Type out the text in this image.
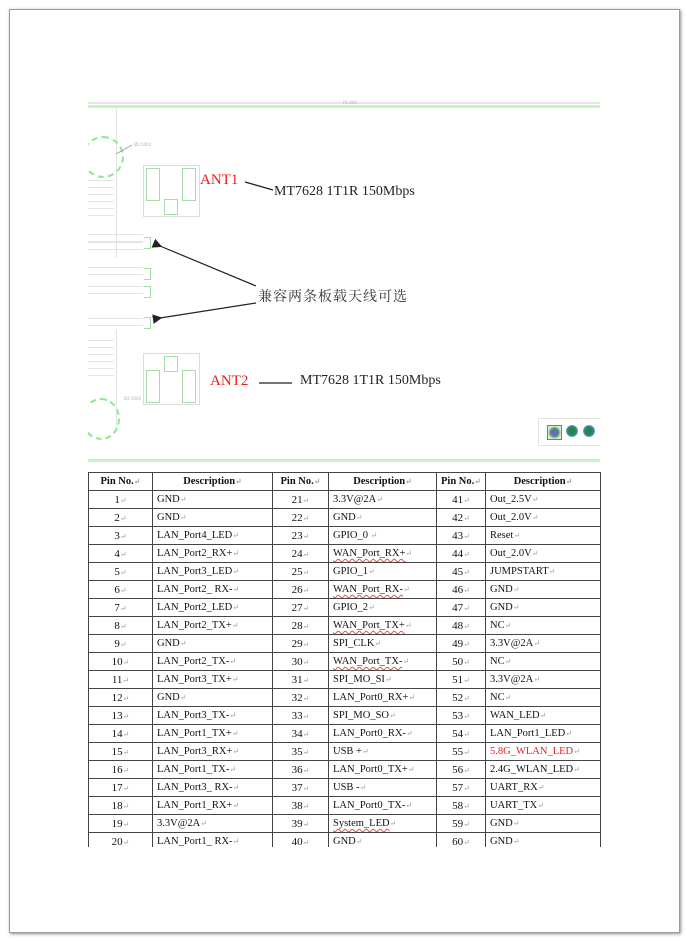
P1.000
Ø2.5000
ANT1
MT7628 1T1R 150Mbps
ANT2	MT7628 1T1R 150Mbps
Ø2.5000
兼容两条板载天线可选
Pin No.↵	Description↵	Pin No.↵	Description↵	Pin No.↵	Description↵
1↵	GND↵	21↵	3.3V@2A↵	41↵	Out_2.5V↵
2↵	GND↵	22↵	GND↵	42↵	Out_2.0V↵
3↵	LAN_Port4_LED↵	23↵	GPIO_0 ↵	43↵	Reset↵
4↵	LAN_Port2_RX+↵	24↵	WAN_Port_RX+↵	44↵	Out_2.0V↵
5↵	LAN_Port3_LED↵	25↵	GPIO_1↵	45↵	JUMPSTART↵
6↵	LAN_Port2_ RX-↵	26↵	WAN_Port_RX-↵	46↵	GND↵
7↵	LAN_Port2_LED↵	27↵	GPIO_2↵	47↵	GND↵
8↵	LAN_Port2_TX+↵	28↵	WAN_Port_TX+↵	48↵	NC↵
9↵	GND↵	29↵	SPI_CLK↵	49↵	3.3V@2A↵
10↵	LAN_Port2_TX-↵	30↵	WAN_Port_TX-↵	50↵	NC↵
11↵	LAN_Port3_TX+↵	31↵	SPI_MO_SI↵	51↵	3.3V@2A↵
12↵	GND↵	32↵	LAN_Port0_RX+↵	52↵	NC↵
13↵	LAN_Port3_TX-↵	33↵	SPI_MO_SO↵	53↵	WAN_LED↵
14↵	LAN_Port1_TX+↵	34↵	LAN_Port0_RX-↵	54↵	LAN_Port1_LED↵
15↵	LAN_Port3_RX+↵	35↵	USB +↵	55↵	5.8G_WLAN_LED↵
16↵	LAN_Port1_TX-↵	36↵	LAN_Port0_TX+↵	56↵	2.4G_WLAN_LED↵
17↵	LAN_Port3_ RX-↵	37↵	USB -↵	57↵	UART_RX↵
18↵	LAN_Port1_RX+↵	38↵	LAN_Port0_TX-↵	58↵	UART_TX↵
19↵	3.3V@2A↵	39↵	System_LED↵	59↵	GND↵
20↵	LAN_Port1_ RX-↵	40↵	GND↵	60↵	GND↵
